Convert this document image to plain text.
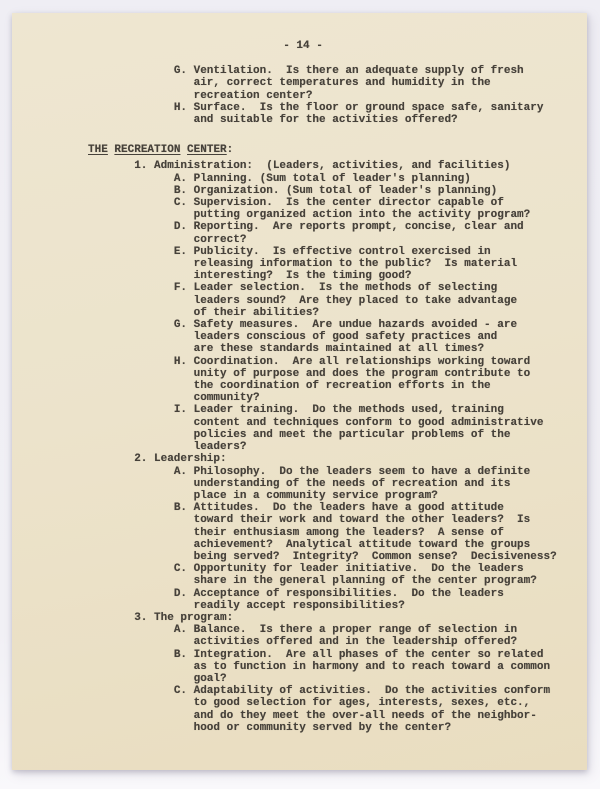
- 14 -
G. Ventilation.  Is there an adequate supply of fresh
air, correct temperatures and humidity in the
recreation center?
H. Surface.  Is the floor or ground space safe, sanitary
and suitable for the activities offered?
THE RECREATION CENTER:
1. Administration:  (Leaders, activities, and facilities)
A. Planning. (Sum total of leader's planning)
B. Organization. (Sum total of leader's planning)
C. Supervision.  Is the center director capable of
putting organized action into the activity program?
D. Reporting.  Are reports prompt, concise, clear and
correct?
E. Publicity.  Is effective control exercised in
releasing information to the public?  Is material
interesting?  Is the timing good?
F. Leader selection.  Is the methods of selecting
leaders sound?  Are they placed to take advantage
of their abilities?
G. Safety measures.  Are undue hazards avoided - are
leaders conscious of good safety practices and
are these standards maintained at all times?
H. Coordination.  Are all relationships working toward
unity of purpose and does the program contribute to
the coordination of recreation efforts in the
community?
I. Leader training.  Do the methods used, training
content and techniques conform to good administrative
policies and meet the particular problems of the
leaders?
2. Leadership:
A. Philosophy.  Do the leaders seem to have a definite
understanding of the needs of recreation and its
place in a community service program?
B. Attitudes.  Do the leaders have a good attitude
toward their work and toward the other leaders?  Is
their enthusiasm among the leaders?  A sense of
achievement?  Analytical attitude toward the groups
being served?  Integrity?  Common sense?  Decisiveness?
C. Opportunity for leader initiative.  Do the leaders
share in the general planning of the center program?
D. Acceptance of responsibilities.  Do the leaders
readily accept responsibilities?
3. The program:
A. Balance.  Is there a proper range of selection in
activities offered and in the leadership offered?
B. Integration.  Are all phases of the center so related
as to function in harmony and to reach toward a common
goal?
C. Adaptability of activities.  Do the activities conform
to good selection for ages, interests, sexes, etc.,
and do they meet the over-all needs of the neighbor-
hood or community served by the center?
